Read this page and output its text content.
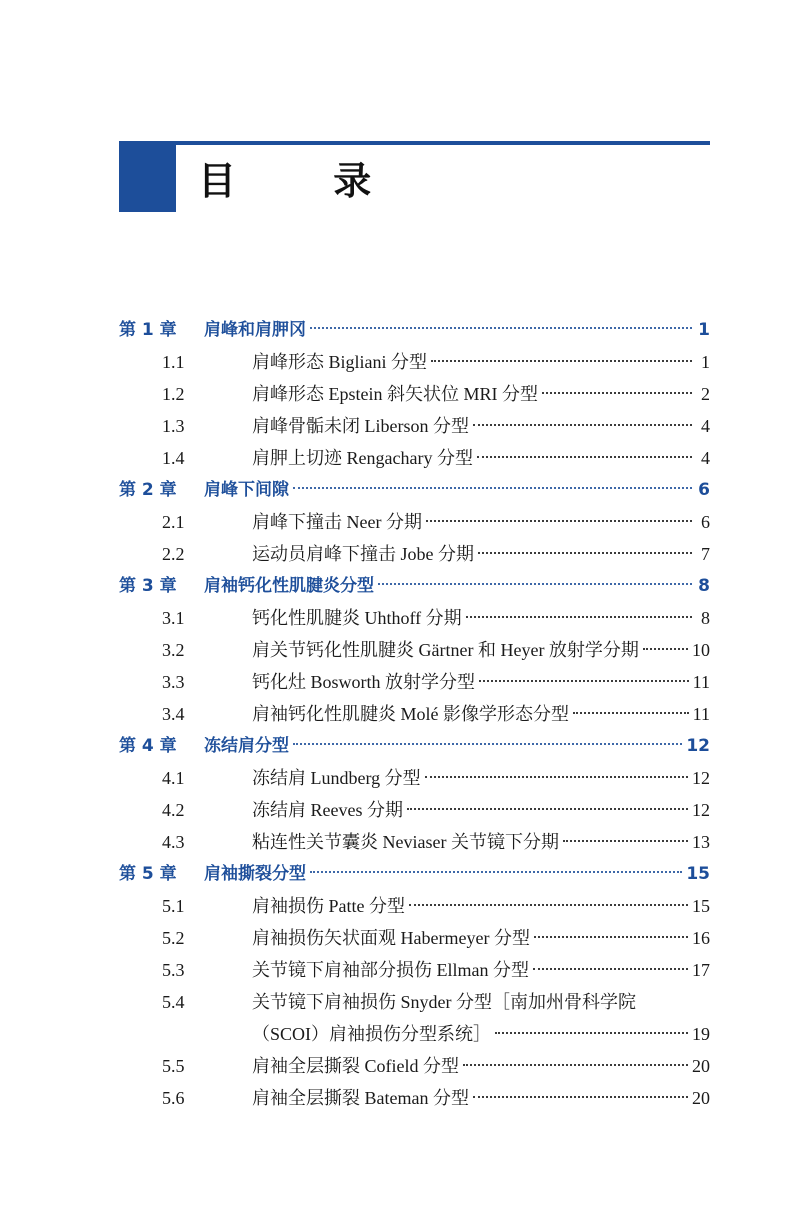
目 录
第 1 章	肩峰和肩胛冈	1
1.1	肩峰形态 Bigliani 分型	1
1.2	肩峰形态 Epstein 斜矢状位 MRI 分型	2
1.3	肩峰骨骺未闭 Liberson 分型	4
1.4	肩胛上切迹 Rengachary 分型	4
第 2 章	肩峰下间隙	6
2.1	肩峰下撞击 Neer 分期	6
2.2	运动员肩峰下撞击 Jobe 分期	7
第 3 章	肩袖钙化性肌腱炎分型	8
3.1	钙化性肌腱炎 Uhthoff 分期	8
3.2	肩关节钙化性肌腱炎 Gärtner 和 Heyer 放射学分期	10
3.3	钙化灶 Bosworth 放射学分型	11
3.4	肩袖钙化性肌腱炎 Molé 影像学形态分型	11
第 4 章	冻结肩分型	12
4.1	冻结肩 Lundberg 分型	12
4.2	冻结肩 Reeves 分期	12
4.3	粘连性关节囊炎 Neviaser 关节镜下分期	13
第 5 章	肩袖撕裂分型	15
5.1	肩袖损伤 Patte 分型	15
5.2	肩袖损伤矢状面观 Habermeyer 分型	16
5.3	关节镜下肩袖部分损伤 Ellman 分型	17
5.4	关节镜下肩袖损伤 Snyder 分型［南加州骨科学院
（SCOI）肩袖损伤分型系统］	19
5.5	肩袖全层撕裂 Cofield 分型	20
5.6	肩袖全层撕裂 Bateman 分型	20
